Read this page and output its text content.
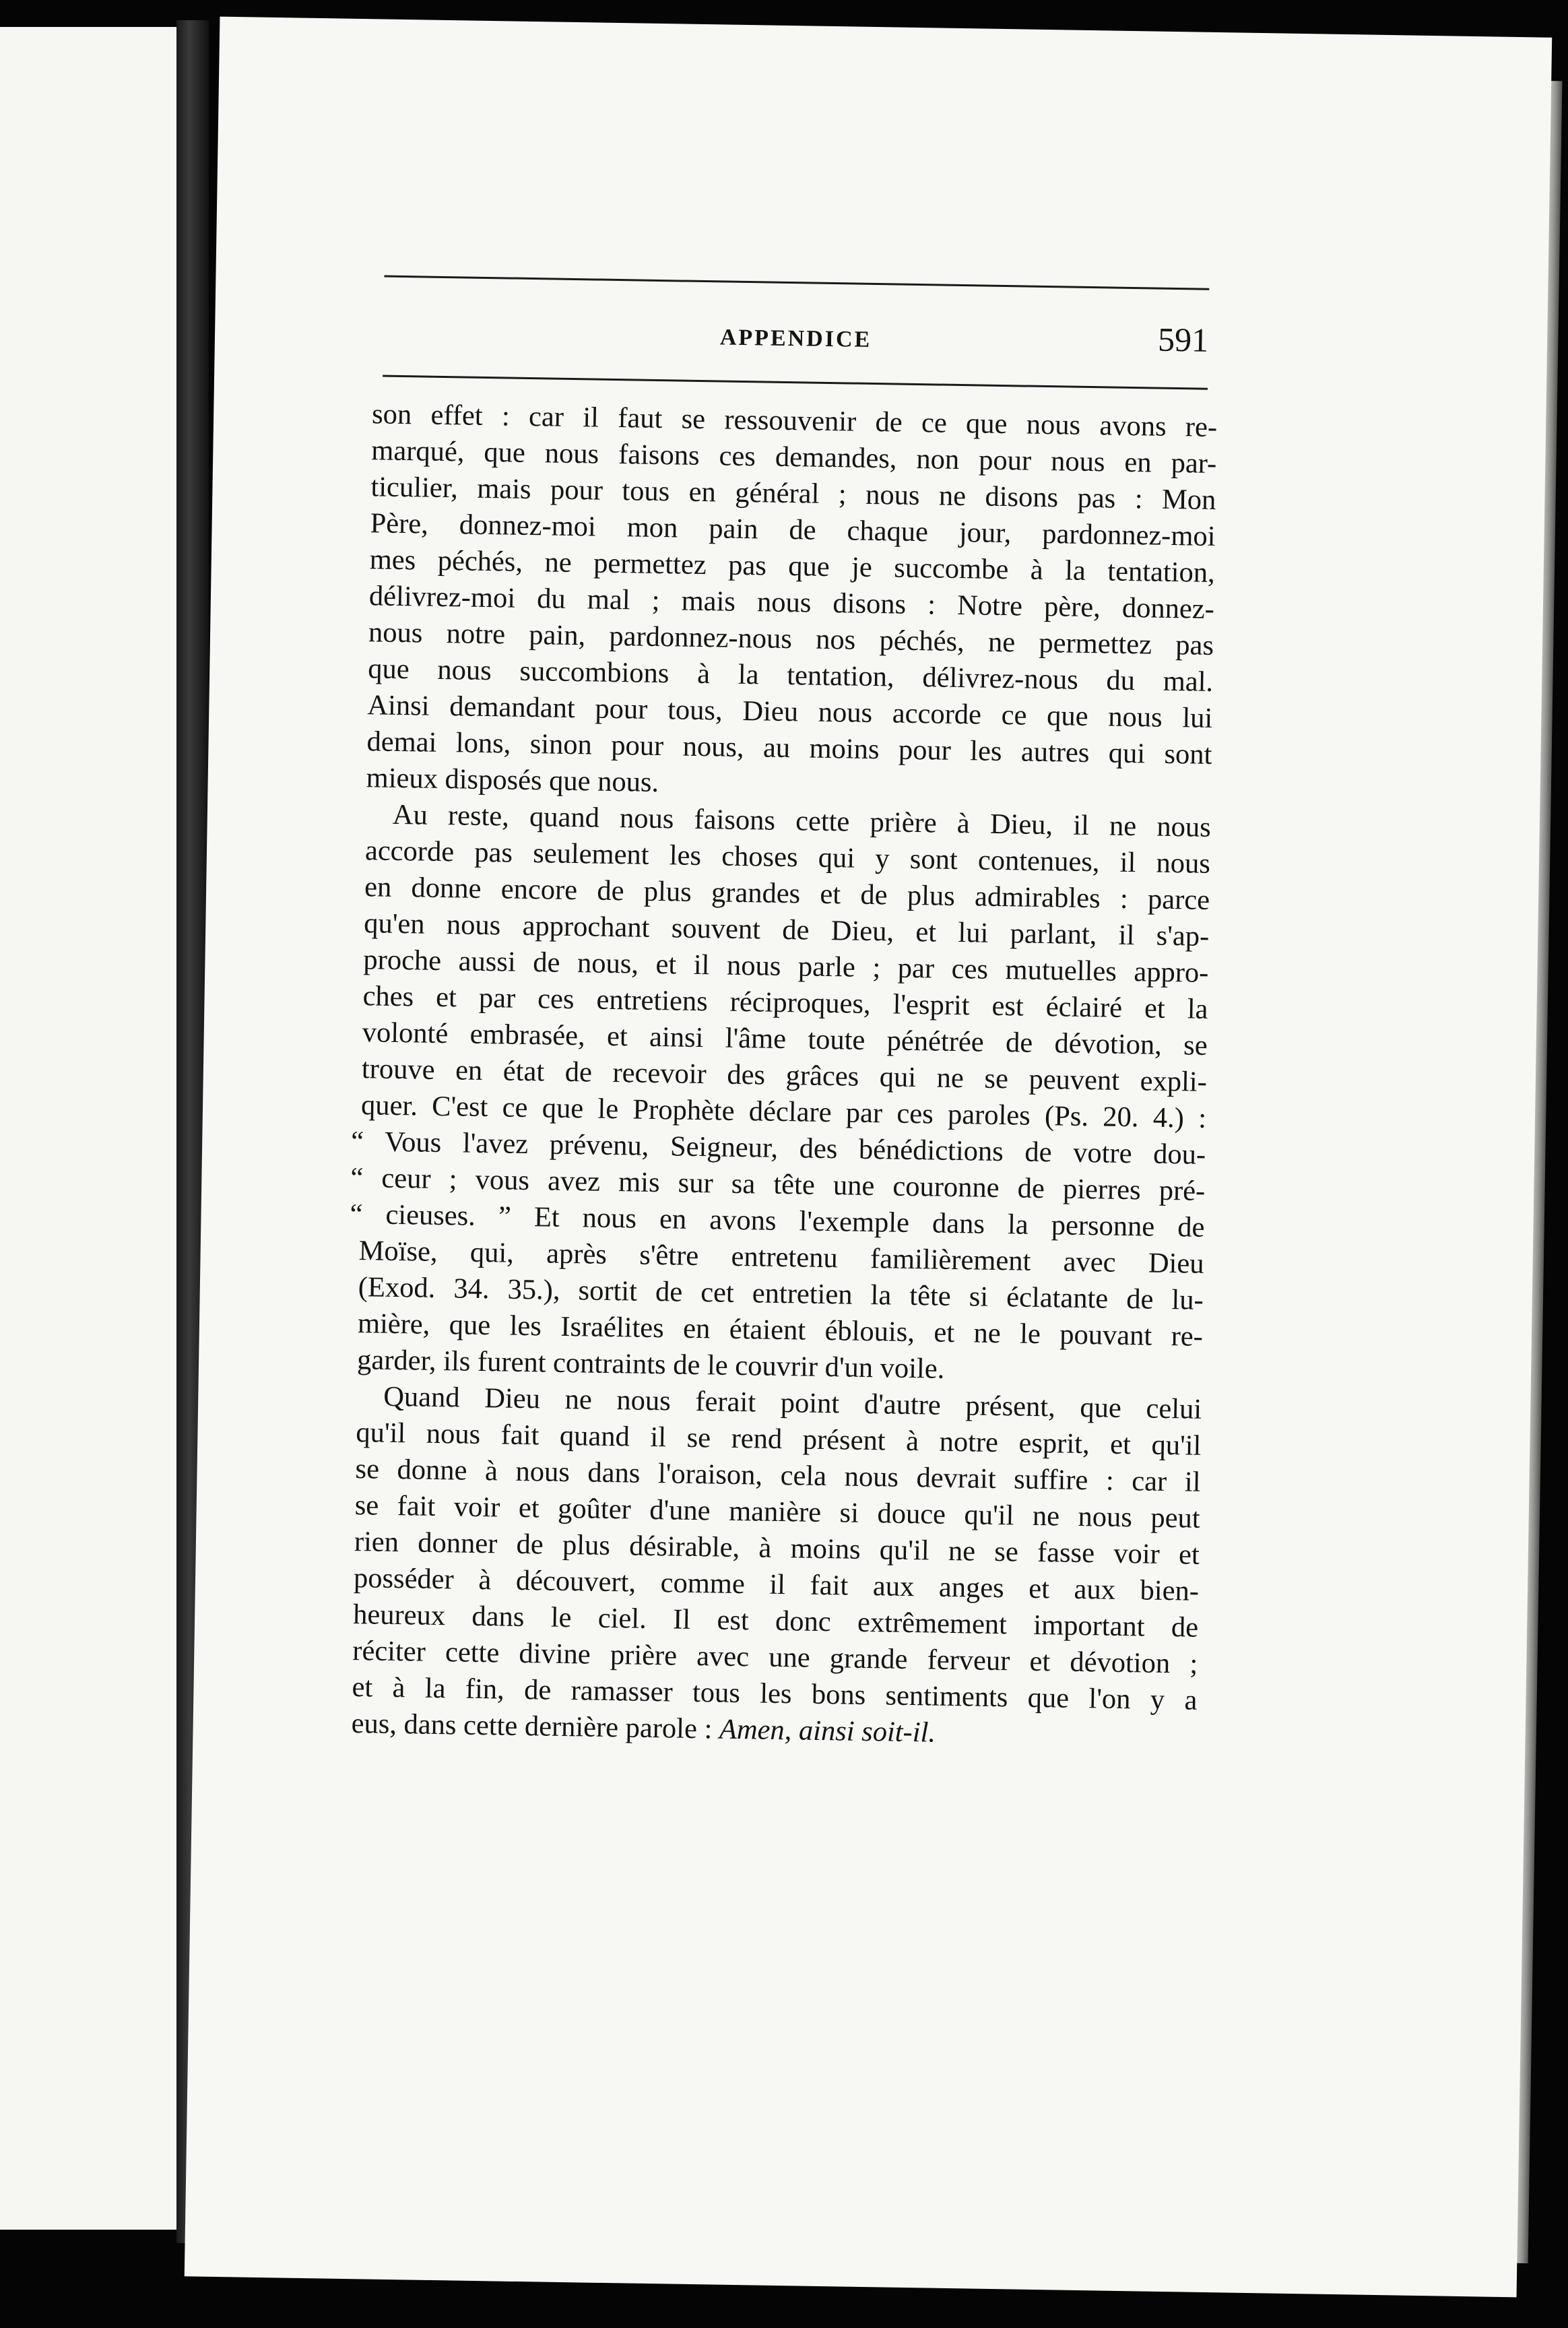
APPENDICE	591
son effet : car il faut se ressouvenir de ce que nous avons re-
marqué, que nous faisons ces demandes, non pour nous en par-
ticulier, mais pour tous en général ; nous ne disons pas : Mon
Père, donnez-moi mon pain de chaque jour, pardonnez-moi
mes péchés, ne permettez pas que je succombe à la tentation,
délivrez-moi du mal ; mais nous disons : Notre père, donnez-
nous notre pain, pardonnez-nous nos péchés, ne permettez pas
que nous succombions à la tentation, délivrez-nous du mal.
Ainsi demandant pour tous, Dieu nous accorde ce que nous lui
demai lons, sinon pour nous, au moins pour les autres qui sont
mieux disposés que nous.
Au reste, quand nous faisons cette prière à Dieu, il ne nous
accorde pas seulement les choses qui y sont contenues, il nous
en donne encore de plus grandes et de plus admirables : parce
qu'en nous approchant souvent de Dieu, et lui parlant, il s'ap-
proche aussi de nous, et il nous parle ; par ces mutuelles appro-
ches et par ces entretiens réciproques, l'esprit est éclairé et la
volonté embrasée, et ainsi l'âme toute pénétrée de dévotion, se
trouve en état de recevoir des grâces qui ne se peuvent expli-
quer. C'est ce que le Prophète déclare par ces paroles (Ps. 20. 4.) :
“ Vous l'avez prévenu, Seigneur, des bénédictions de votre dou-
“ ceur ; vous avez mis sur sa tête une couronne de pierres pré-
“ cieuses. ” Et nous en avons l'exemple dans la personne de
Moïse, qui, après s'être entretenu familièrement avec Dieu
(Exod. 34. 35.), sortit de cet entretien la tête si éclatante de lu-
mière, que les Israélites en étaient éblouis, et ne le pouvant re-
garder, ils furent contraints de le couvrir d'un voile.
Quand Dieu ne nous ferait point d'autre présent, que celui
qu'il nous fait quand il se rend présent à notre esprit, et qu'il
se donne à nous dans l'oraison, cela nous devrait suffire : car il
se fait voir et goûter d'une manière si douce qu'il ne nous peut
rien donner de plus désirable, à moins qu'il ne se fasse voir et
posséder à découvert, comme il fait aux anges et aux bien-
heureux dans le ciel. Il est donc extrêmement important de
réciter cette divine prière avec une grande ferveur et dévotion ;
et à la fin, de ramasser tous les bons sentiments que l'on y a
eus, dans cette dernière parole : Amen, ainsi soit-il.
